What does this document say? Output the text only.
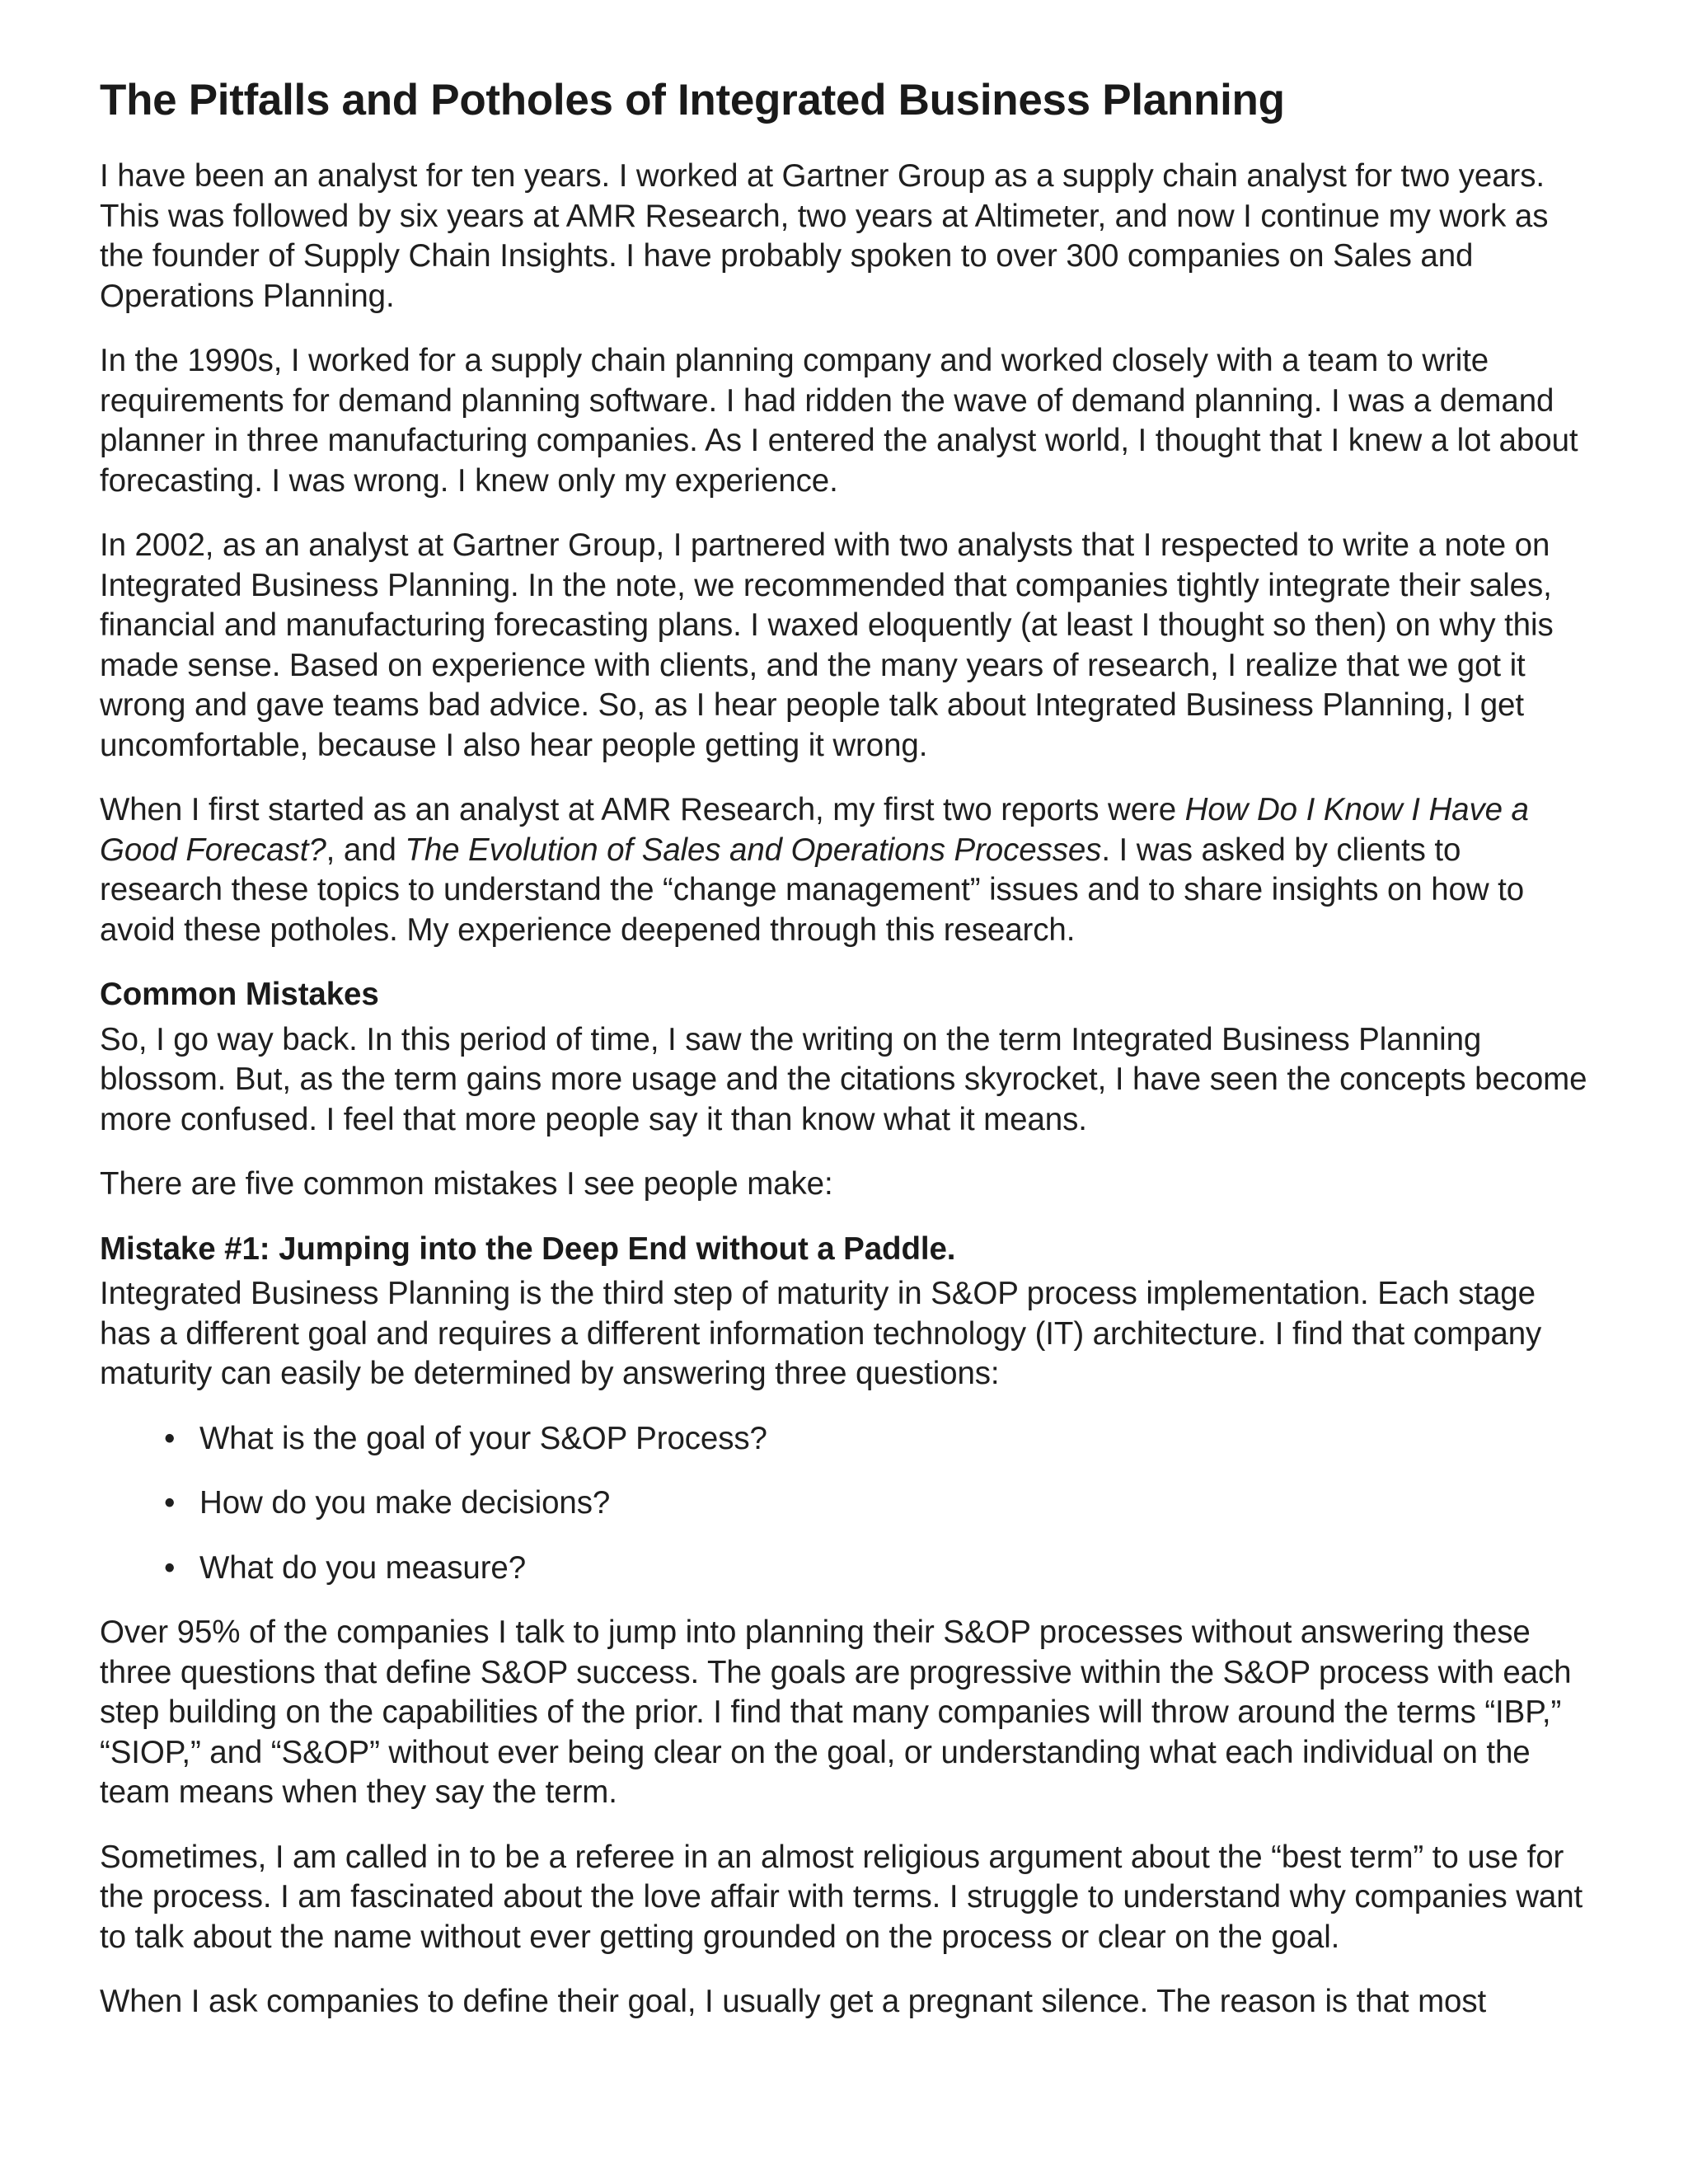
The Pitfalls and Potholes of Integrated Business Planning

I have been an analyst for ten years. I worked at Gartner Group as a supply chain analyst for two years. This was followed by six years at AMR Research, two years at Altimeter, and now I continue my work as the founder of Supply Chain Insights. I have probably spoken to over 300 companies on Sales and Operations Planning.

In the 1990s, I worked for a supply chain planning company and worked closely with a team to write requirements for demand planning software. I had ridden the wave of demand planning. I was a demand planner in three manufacturing companies. As I entered the analyst world, I thought that I knew a lot about forecasting. I was wrong. I knew only my experience.

In 2002, as an analyst at Gartner Group, I partnered with two analysts that I respected to write a note on Integrated Business Planning. In the note, we recommended that companies tightly integrate their sales, financial and manufacturing forecasting plans. I waxed eloquently (at least I thought so then) on why this made sense. Based on experience with clients, and the many years of research, I realize that we got it wrong and gave teams bad advice. So, as I hear people talk about Integrated Business Planning, I get uncomfortable, because I also hear people getting it wrong.

When I first started as an analyst at AMR Research, my first two reports were How Do I Know I Have a Good Forecast?, and The Evolution of Sales and Operations Processes. I was asked by clients to research these topics to understand the “change management” issues and to share insights on how to avoid these potholes. My experience deepened through this research.

Common Mistakes

So, I go way back. In this period of time, I saw the writing on the term Integrated Business Planning blossom. But, as the term gains more usage and the citations skyrocket, I have seen the concepts become more confused. I feel that more people say it than know what it means.

There are five common mistakes I see people make:

Mistake #1: Jumping into the Deep End without a Paddle.

Integrated Business Planning is the third step of maturity in S&OP process implementation. Each stage has a different goal and requires a different information technology (IT) architecture. I find that company maturity can easily be determined by answering three questions:

• What is the goal of your S&OP Process?
• How do you make decisions?
• What do you measure?

Over 95% of the companies I talk to jump into planning their S&OP processes without answering these three questions that define S&OP success. The goals are progressive within the S&OP process with each step building on the capabilities of the prior. I find that many companies will throw around the terms “IBP,” “SIOP,” and “S&OP” without ever being clear on the goal, or understanding what each individual on the team means when they say the term.

Sometimes, I am called in to be a referee in an almost religious argument about the “best term” to use for the process. I am fascinated about the love affair with terms. I struggle to understand why companies want to talk about the name without ever getting grounded on the process or clear on the goal.

When I ask companies to define their goal, I usually get a pregnant silence. The reason is that most
